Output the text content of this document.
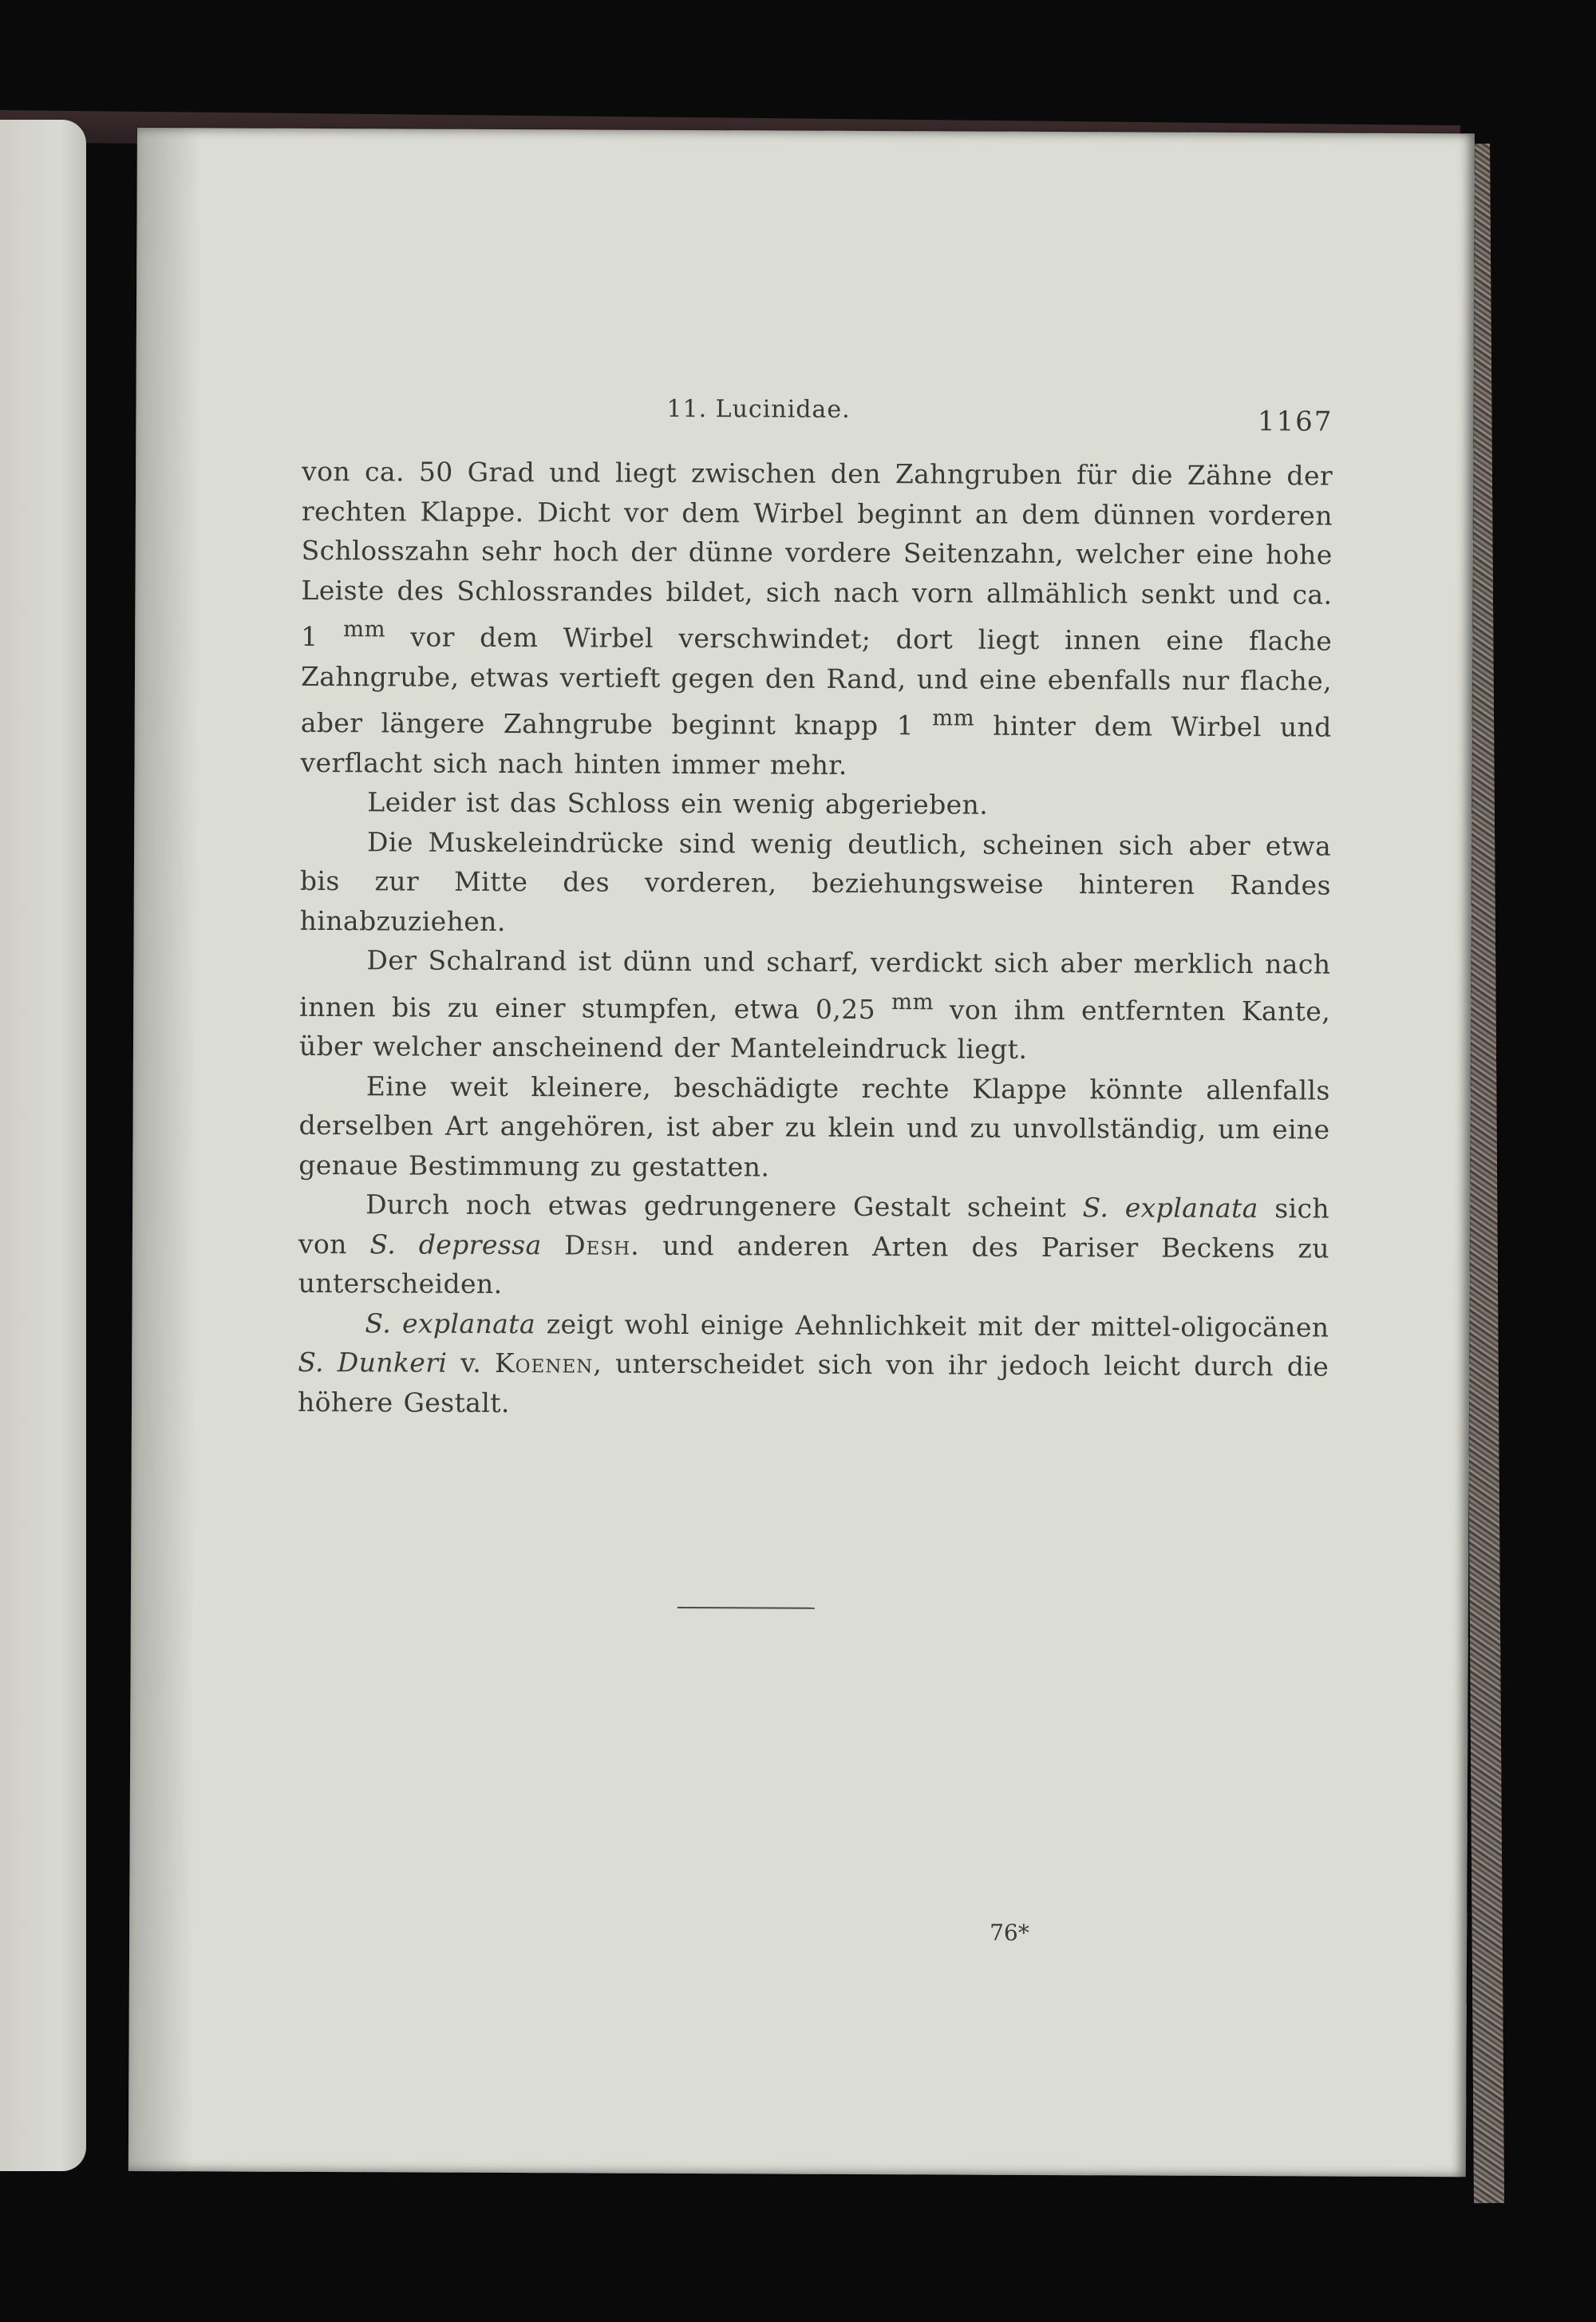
11. Lucinidae.	1167

von ca. 50 Grad und liegt zwischen den Zahngruben für die Zähne der rechten Klappe. Dicht vor dem Wirbel beginnt an dem dünnen vorderen Schlosszahn sehr hoch der dünne vordere Seitenzahn, welcher eine hohe Leiste des Schlossrandes bildet, sich nach vorn allmählich senkt und ca. 1 $^{mm}$ vor dem Wirbel verschwindet; dort liegt innen eine flache Zahngrube, etwas vertieft gegen den Rand, und eine ebenfalls nur flache, aber längere Zahngrube beginnt knapp 1 $^{mm}$ hinter dem Wirbel und verflacht sich nach hinten immer mehr.

Leider ist das Schloss ein wenig abgerieben.

Die Muskeleindrücke sind wenig deutlich, scheinen sich aber etwa bis zur Mitte des vorderen, beziehungsweise hinteren Randes hinabzuziehen.

Der Schalrand ist dünn und scharf, verdickt sich aber merklich nach innen bis zu einer stumpfen, etwa 0,25 $^{mm}$ von ihm entfernten Kante, über welcher anscheinend der Manteleindruck liegt.

Eine weit kleinere, beschädigte rechte Klappe könnte allenfalls derselben Art angehören, ist aber zu klein und zu unvollständig, um eine genaue Bestimmung zu gestatten.

Durch noch etwas gedrungenere Gestalt scheint S. explanata sich von S. depressa Desh. und anderen Arten des Pariser Beckens zu unterscheiden.

S. explanata zeigt wohl einige Aehnlichkeit mit der mittel-oligocänen S. Dunkeri v. Koenen, unterscheidet sich von ihr jedoch leicht durch die höhere Gestalt.

76*
